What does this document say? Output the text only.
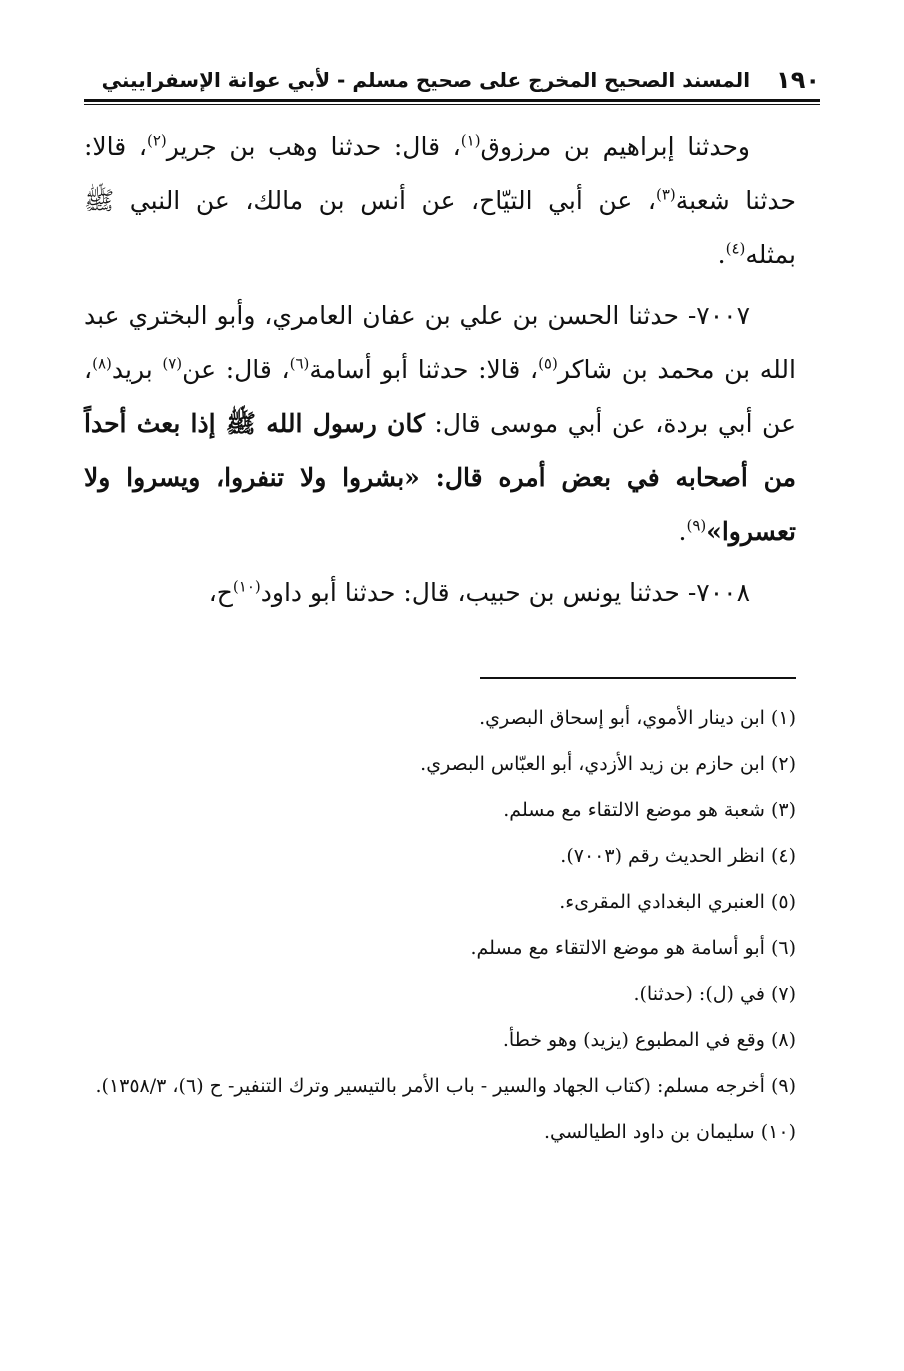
١٩٠
المسند الصحيح المخرج على صحيح مسلم - لأبي عوانة الإسفراييني

وحدثنا إبراهيم بن مرزوق$^{(١)}$، قال: حدثنا وهب بن جرير$^{(٢)}$، قالا: حدثنا شعبة$^{(٣)}$، عن أبي التيّاح، عن أنس بن مالك، عن النبي ﷺ بمثله$^{(٤)}$.

٧٠٠٧- حدثنا الحسن بن علي بن عفان العامري، وأبو البختري عبد الله بن محمد بن شاكر$^{(٥)}$، قالا: حدثنا أبو أسامة$^{(٦)}$، قال: عن$^{(٧)}$ بريد$^{(٨)}$، عن أبي بردة، عن أبي موسى قال: كان رسول الله ﷺ إذا بعث أحداً من أصحابه في بعض أمره قال: «بشروا ولا تنفروا، ويسروا ولا تعسروا»$^{(٩)}$.

٧٠٠٨- حدثنا يونس بن حبيب، قال: حدثنا أبو داود$^{(١٠)}$ح،

(١) ابن دينار الأموي، أبو إسحاق البصري.
(٢) ابن حازم بن زيد الأزدي، أبو العبّاس البصري.
(٣) شعبة هو موضع الالتقاء مع مسلم.
(٤) انظر الحديث رقم (٧٠٠٣).
(٥) العنبري البغدادي المقرىء.
(٦) أبو أسامة هو موضع الالتقاء مع مسلم.
(٧) في (ل): (حدثنا).
(٨) وقع في المطبوع (يزيد) وهو خطأ.
(٩) أخرجه مسلم: (كتاب الجهاد والسير - باب الأمر بالتيسير وترك التنفير- ح (٦)، ١٣٥٨/٣).
(١٠) سليمان بن داود الطيالسي.
